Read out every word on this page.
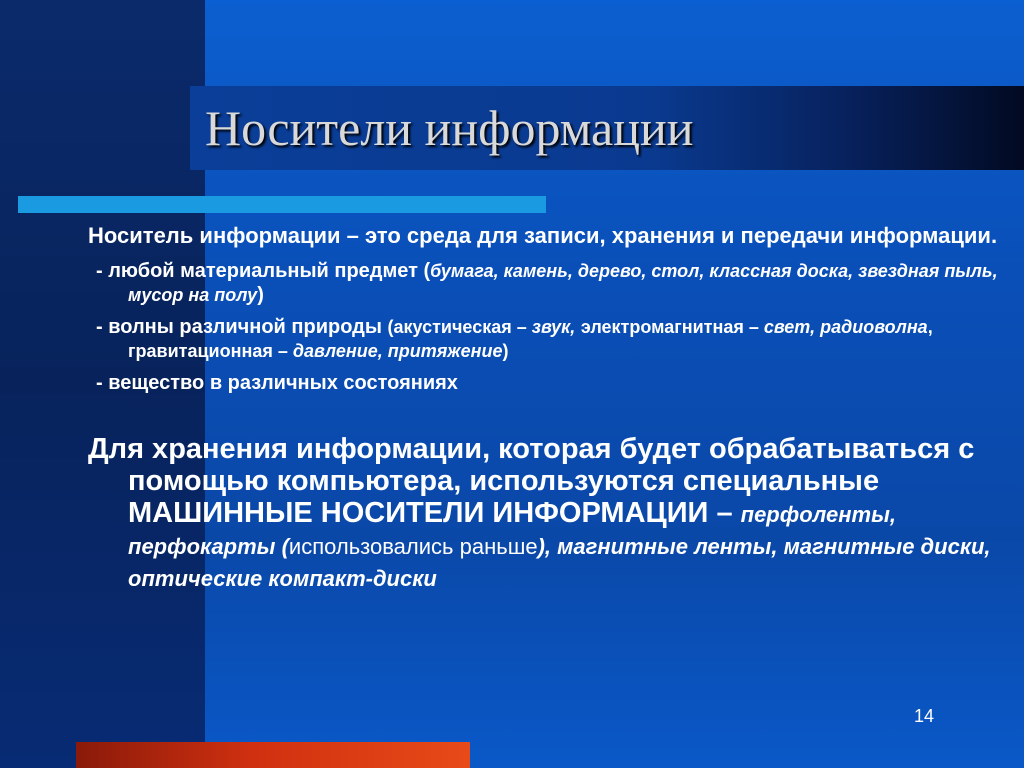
Носители информации
Носитель информации – это среда для записи, хранения и передачи информации.
- любой материальный предмет (бумага, камень, дерево, стол, классная доска, звездная пыль, мусор на полу)
- волны различной природы (акустическая – звук, электромагнитная – свет, радиоволна, гравитационная – давление, притяжение)
- вещество в различных состояниях
Для хранения информации, которая будет обрабатываться с помощью компьютера, используются специальные МАШИННЫЕ НОСИТЕЛИ ИНФОРМАЦИИ – перфоленты, перфокарты (использовались раньше), магнитные ленты, магнитные диски, оптические компакт-диски
14
